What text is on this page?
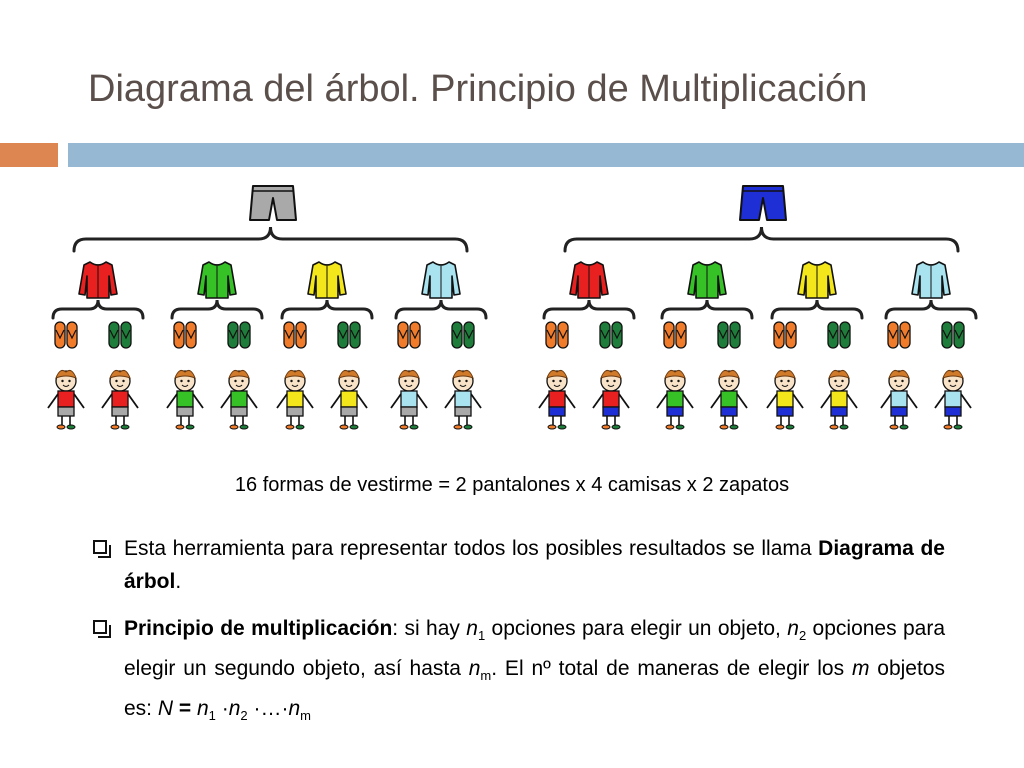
Diagrama del árbol. Principio de Multiplicación

16 formas de vestirme = 2 pantalones x 4 camisas x 2 zapatos

Esta herramienta para representar todos los posibles resultados se llama Diagrama de árbol.
Principio de multiplicación: si hay $n_1$ opciones para elegir un objeto, $n_2$ opciones para elegir un segundo objeto, así hasta $n_m$. El nº total de maneras de elegir los m objetos es: $N = n_1 \cdot n_2$ $\cdot\dots\cdot n_m$
